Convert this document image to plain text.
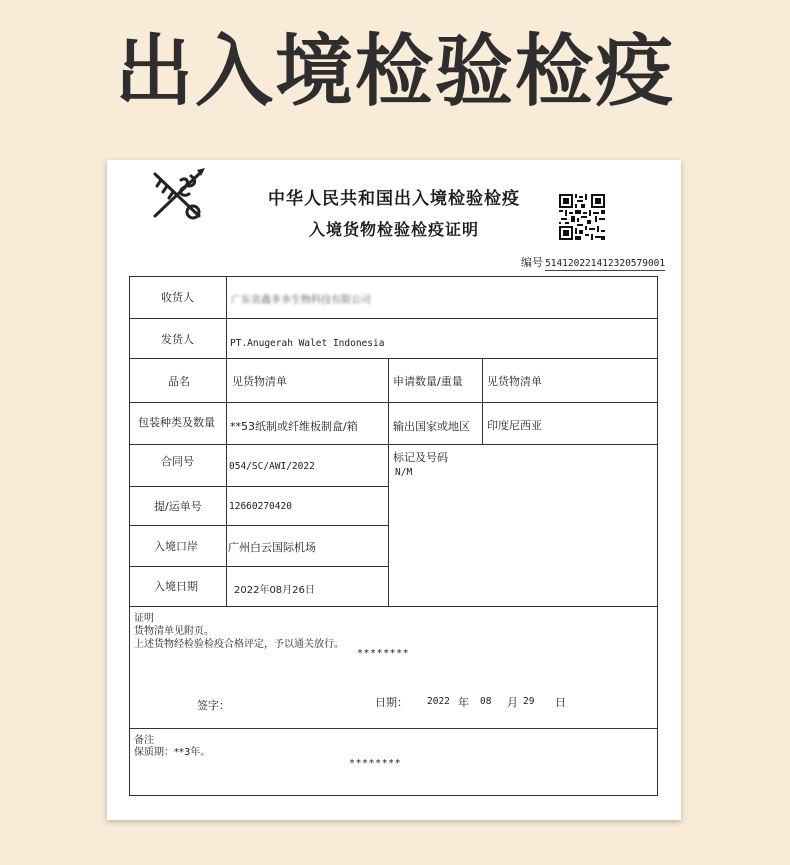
出入境检验检疫
中华人民共和国出入境检验检疫
入境货物检验检疫证明
编号 514120221412320579001
收货人	广东省鑫多多生物科技有限公司
发货人	PT.Anugerah Walet Indonesia
品名	见货物清单	申请数量/重量 见货物清单
包装种类及数量 **53纸制或纤维板制盒/箱	输出国家或地区 印度尼西亚
合同号	054/SC/AWI/2022
标记及号码
N/M
提/运单号	12660270420
入境口岸	广州白云国际机场
入境日期	2022年08月26日
证明
货物清单见附页。
上述货物经检验检疫合格评定，予以通关放行。
********
签字：	日期： 2022 年 08 月 29 日
备注
保质期：**3年。
********
